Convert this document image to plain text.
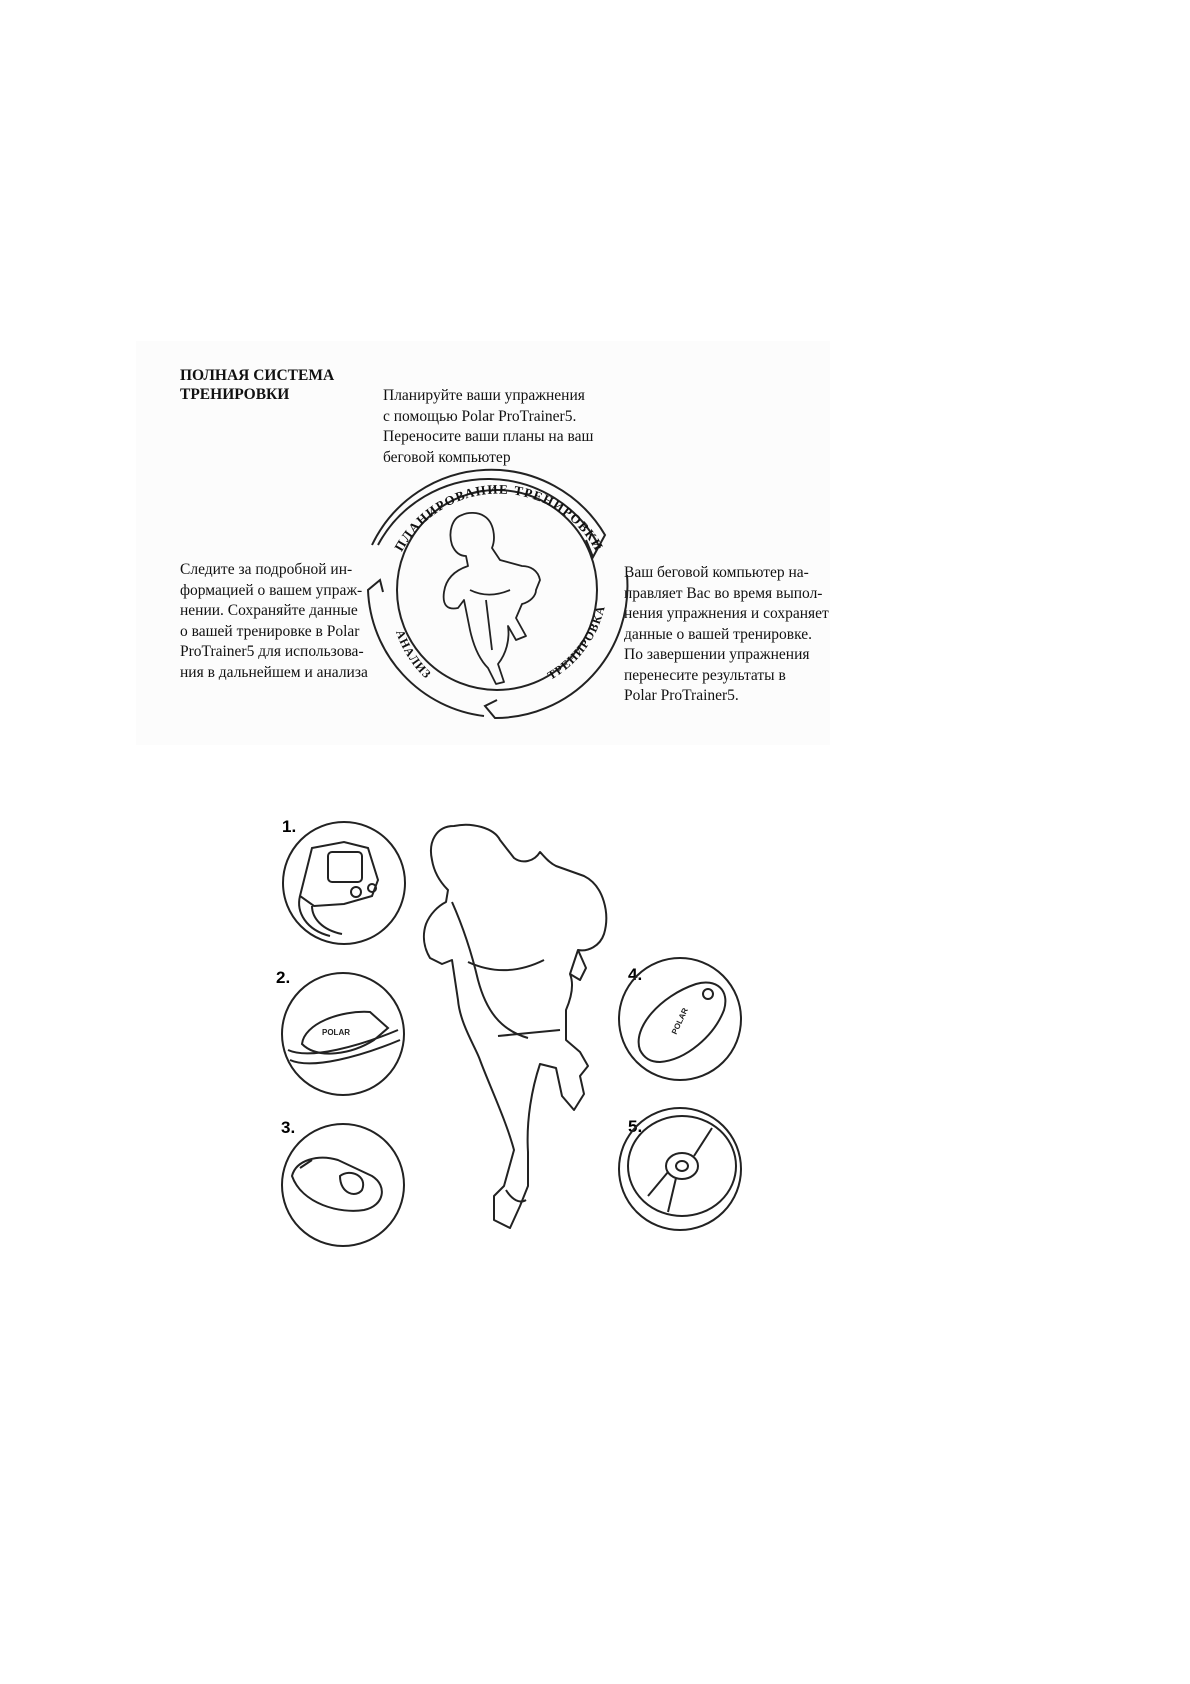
ПОЛНАЯ СИСТЕМА
ТРЕНИРОВКИ	Планируйте ваши упражнения
с помощью Polar ProTrainer5.
Переносите ваши планы на ваш
беговой компьютер
Следите за подробной ин-
формацией о вашем упраж-
нении. Сохраняйте данные
о вашей тренировке в Polar
ProTrainer5 для использова-
ния в дальнейшем и анализа
Ваш беговой компьютер на-
правляет Вас во время выпол-
нения упражнения и сохраняет
данные о вашей тренировке.
По завершении упражнения
перенесите результаты в
Polar ProTrainer5.
ПЛАНИРОВАНИЕ ТРЕНИРОВКИ
АНАЛИЗ	ТРЕНИРОВКА
1.
2.
3.
4.
5.
POLAR	POLAR
